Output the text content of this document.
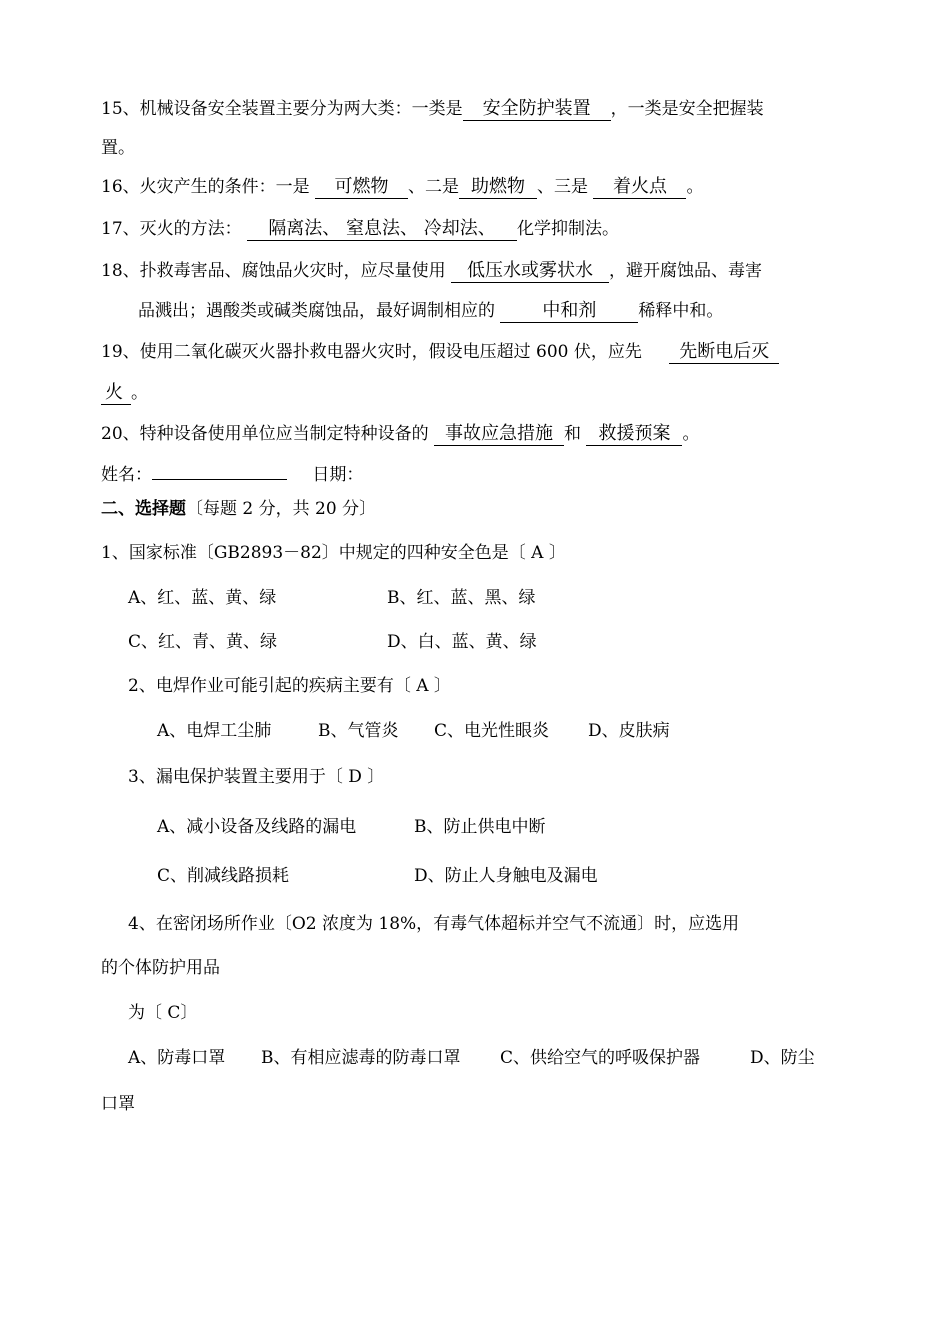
15、机械设备安全装置主要分为两大类：一类是 安全防护装置 ，一类是安全把握装
置。
16、火灾产生的条件：一是 可燃物 、二是 助燃物 、三是 着火点 。
17、灭火的方法： 隔离法、 窒息法、 冷却法、 化学抑制法。
18、扑救毒害品、腐蚀品火灾时，应尽量使用 低压水或雾状水 ，避开腐蚀品、毒害
品溅出；遇酸类或碱类腐蚀品，最好调制相应的	中和剂 稀释中和。
19、使用二氧化碳灭火器扑救电器火灾时，假设电压超过 600 伏，应先 先断电后灭
火 。
20、特种设备使用单位应当制定特种设备的 事故应急措施 和 救援预案 。
姓名：	日期：
二、选择题〔每题 2 分，共 20 分〕
1、国家标准〔GB2893－82〕中规定的四种安全色是〔 A 〕
A、红、蓝、黄、绿	B、红、蓝、黑、绿
C、红、青、黄、绿	D、白、蓝、黄、绿
2、电焊作业可能引起的疾病主要有〔 A 〕
A、电焊工尘肺	B、气管炎 C、电光性眼炎 D、皮肤病
3、漏电保护装置主要用于〔 D 〕
A、减小设备及线路的漏电	B、防止供电中断
C、削减线路损耗	D、防止人身触电及漏电
4、在密闭场所作业〔O2 浓度为 18%，有毒气体超标并空气不流通〕时，应选用
的个体防护用品
为〔 C〕
A、防毒口罩 B、有相应滤毒的防毒口罩 C、供给空气的呼吸保护器	D、防尘
口罩
